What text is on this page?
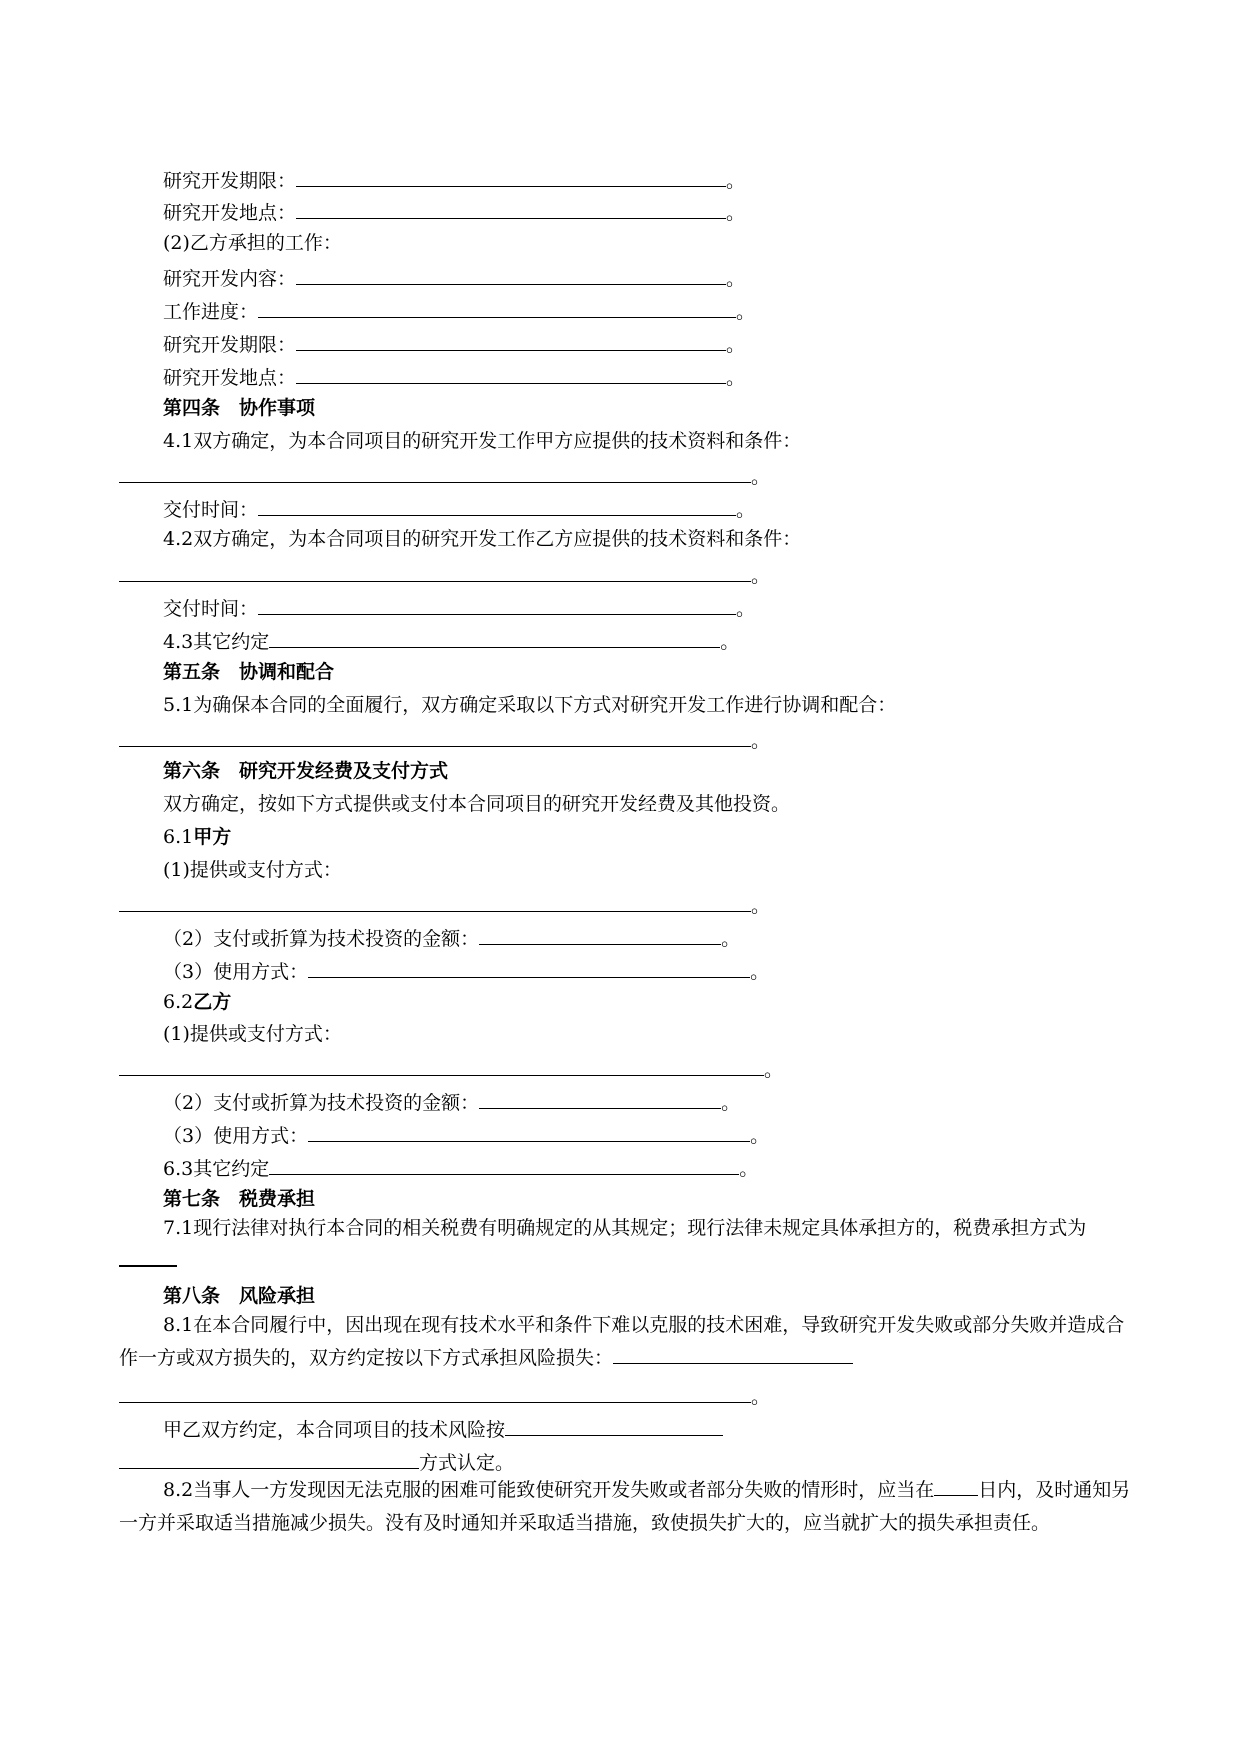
研究开发期限：	。
研究开发地点：	。
(2)乙方承担的工作：
研究开发内容：	。
工作进度：	。
研究开发期限：	。
研究开发地点：	。
第四条　协作事项
4.1双方确定，为本合同项目的研究开发工作甲方应提供的技术资料和条件：
。
交付时间：	。
4.2双方确定，为本合同项目的研究开发工作乙方应提供的技术资料和条件：
。
交付时间：	。
4.3其它约定	。
第五条　协调和配合
5.1为确保本合同的全面履行，双方确定采取以下方式对研究开发工作进行协调和配合：
。
第六条　研究开发经费及支付方式
双方确定，按如下方式提供或支付本合同项目的研究开发经费及其他投资。
6.1甲方
(1)提供或支付方式：
。
（2）支付或折算为技术投资的金额：	。
（3）使用方式：	。
6.2乙方
(1)提供或支付方式：
。
（2）支付或折算为技术投资的金额：	。
（3）使用方式：	。
6.3其它约定	。
第七条　税费承担
7.1现行法律对执行本合同的相关税费有明确规定的从其规定；现行法律未规定具体承担方的，税费承担方式为
第八条　风险承担
8.1在本合同履行中，因出现在现有技术水平和条件下难以克服的技术困难，导致研究开发失败或部分失败并造成合作一方或双方损失的，双方约定按以下方式承担风险损失：
。
甲乙双方约定，本合同项目的技术风险按
方式认定。
8.2当事人一方发现因无法克服的困难可能致使研究开发失败或者部分失败的情形时，应当在 日内，及时通知另一方并采取适当措施减少损失。没有及时通知并采取适当措施，致使损失扩大的，应当就扩大的损失承担责任。
